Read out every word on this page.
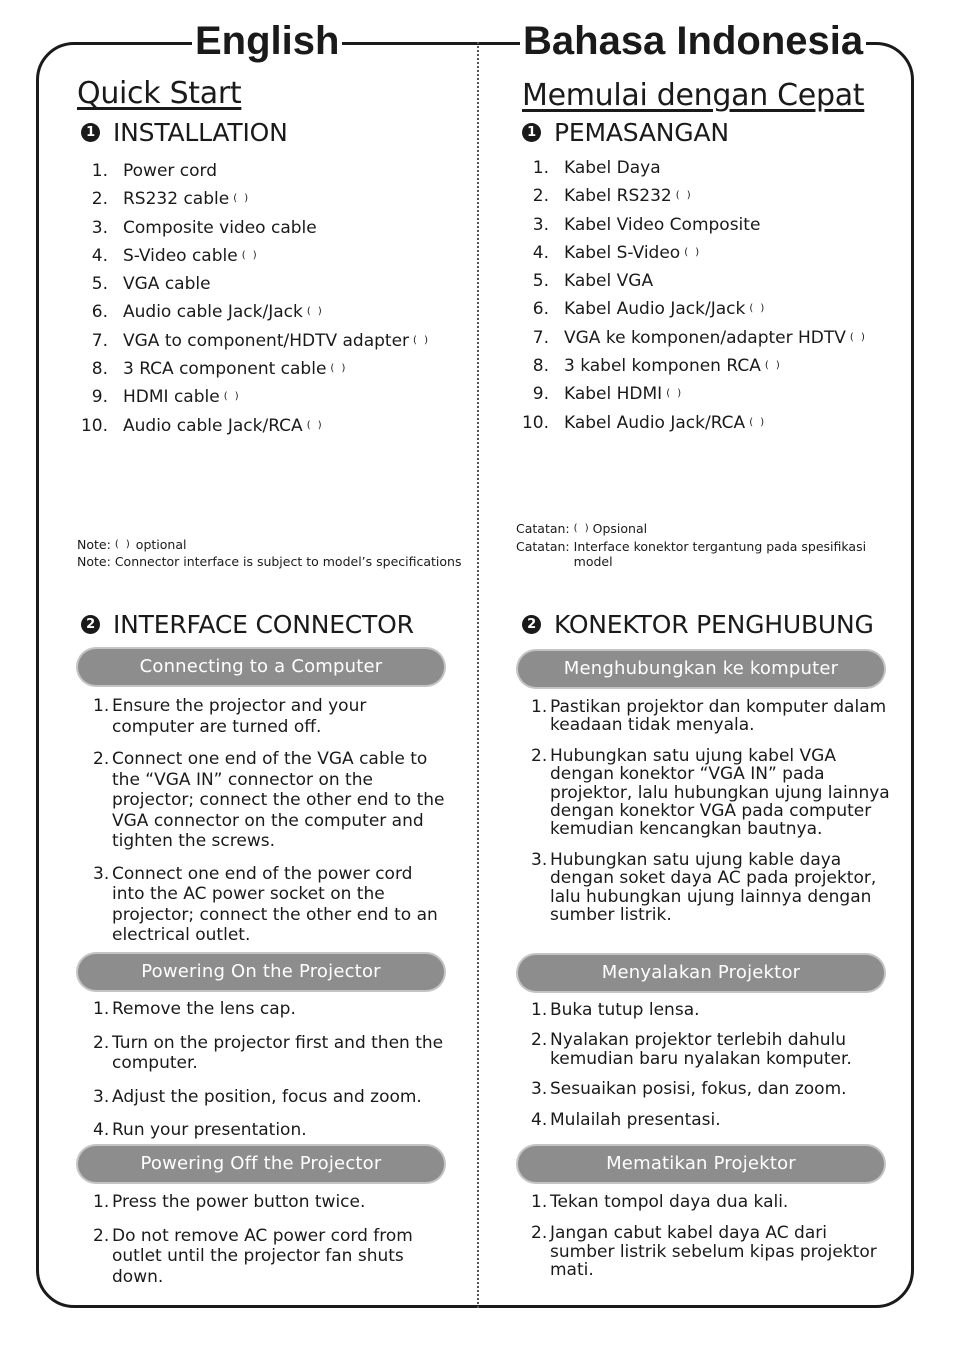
English	Bahasa Indonesia
Quick Start
1 INSTALLATION
1. Power cord
2. RS232 cable ( )
3. Composite video cable
4. S-Video cable ( )
5. VGA cable
6. Audio cable Jack/Jack ( )
7. VGA to component/HDTV adapter ( )
8. 3 RCA component cable ( )
9. HDMI cable ( )
10. Audio cable Jack/RCA ( )
Note: ( ) optional
Note: Connector interface is subject to model’s specifications
2 INTERFACE CONNECTOR
Connecting to a Computer
1. Ensure the projector and your computer are turned off.
2. Connect one end of the VGA cable to the “VGA IN” connector on the projector; connect the other end to the VGA connector on the computer and tighten the screws.
3. Connect one end of the power cord into the AC power socket on the projector; connect the other end to an electrical outlet.
Powering On the Projector
1. Remove the lens cap.
2. Turn on the projector first and then the computer.
3. Adjust the position, focus and zoom.
4. Run your presentation.
Powering Off the Projector
1. Press the power button twice.
2. Do not remove AC power cord from outlet until the projector fan shuts down.
Memulai dengan Cepat
1 PEMASANGAN
1. Kabel Daya
2. Kabel RS232 ( )
3. Kabel Video Composite
4. Kabel S-Video ( )
5. Kabel VGA
6. Kabel Audio Jack/Jack ( )
7. VGA ke komponen/adapter HDTV ( )
8. 3 kabel komponen RCA ( )
9. Kabel HDMI ( )
10. Kabel Audio Jack/RCA ( )
Catatan: ( ) Opsional
Catatan: Interface konektor tergantung pada spesifikasi model
2 KONEKTOR PENGHUBUNG
Menghubungkan ke komputer
1. Pastikan projektor dan komputer dalam keadaan tidak menyala.
2. Hubungkan satu ujung kabel VGA dengan konektor “VGA IN” pada projektor, lalu hubungkan ujung lainnya dengan konektor VGA pada computer kemudian kencangkan bautnya.
3. Hubungkan satu ujung kable daya dengan soket daya AC pada projektor, lalu hubungkan ujung lainnya dengan sumber listrik.
Menyalakan Projektor
1. Buka tutup lensa.
2. Nyalakan projektor terlebih dahulu kemudian baru nyalakan komputer.
3. Sesuaikan posisi, fokus, dan zoom.
4. Mulailah presentasi.
Mematikan Projektor
1. Tekan tompol daya dua kali.
2. Jangan cabut kabel daya AC dari sumber listrik sebelum kipas projektor mati.
